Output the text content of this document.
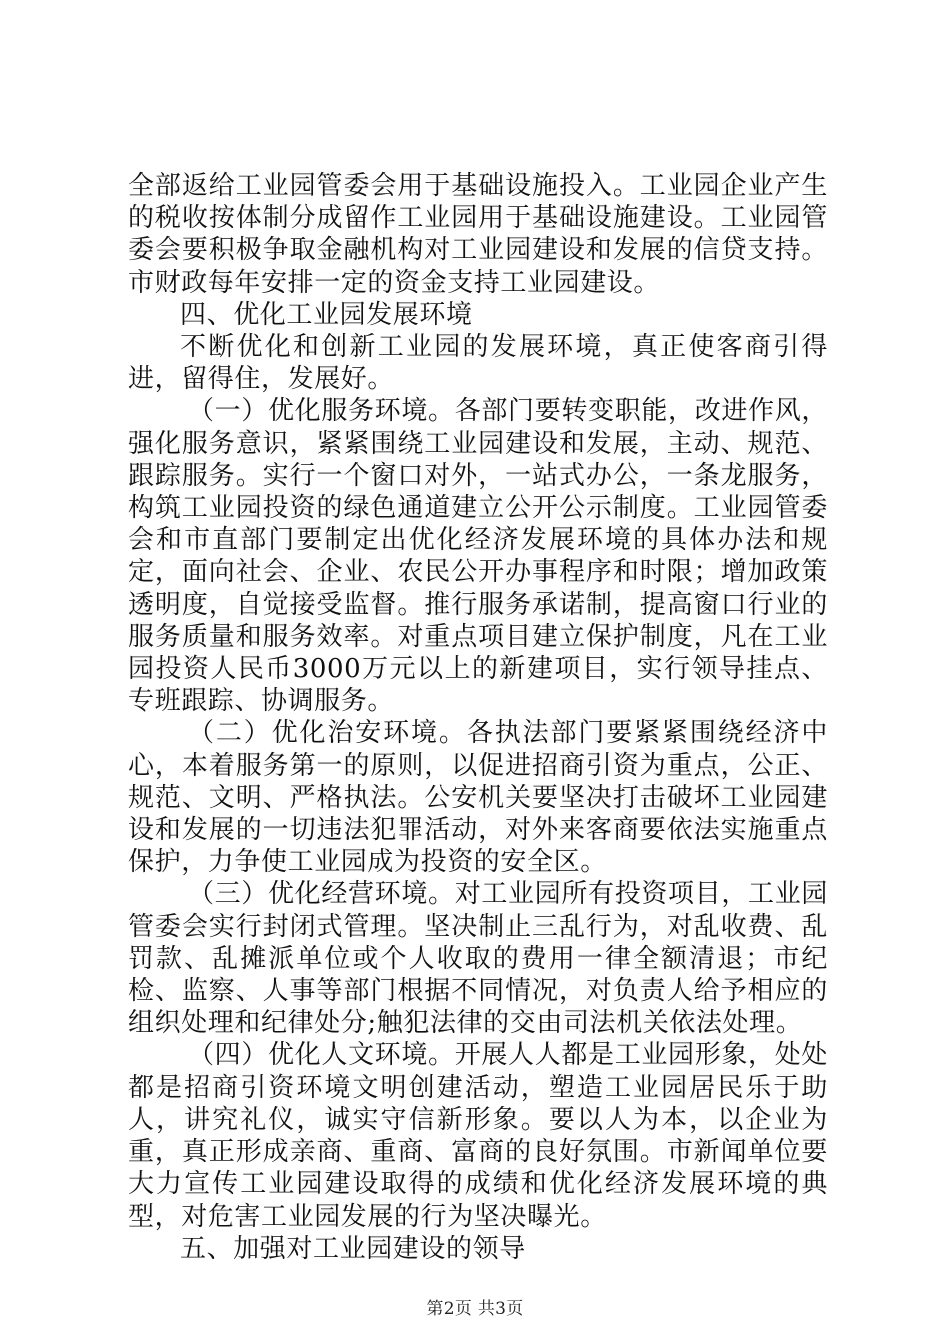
全部返给工业园管委会用于基础设施投入。工业园企业产生的税收按体制分成留作工业园用于基础设施建设。工业园管委会要积极争取金融机构对工业园建设和发展的信贷支持。市财政每年安排一定的资金支持工业园建设。

四、优化工业园发展环境

不断优化和创新工业园的发展环境，真正使客商引得进，留得住，发展好。

（一）优化服务环境。各部门要转变职能，改进作风，强化服务意识，紧紧围绕工业园建设和发展，主动、规范、跟踪服务。实行一个窗口对外，一站式办公，一条龙服务，构筑工业园投资的绿色通道建立公开公示制度。工业园管委会和市直部门要制定出优化经济发展环境的具体办法和规定，面向社会、企业、农民公开办事程序和时限；增加政策透明度，自觉接受监督。推行服务承诺制，提高窗口行业的服务质量和服务效率。对重点项目建立保护制度，凡在工业园投资人民币3000万元以上的新建项目，实行领导挂点、专班跟踪、协调服务。

（二）优化治安环境。各执法部门要紧紧围绕经济中心，本着服务第一的原则，以促进招商引资为重点，公正、规范、文明、严格执法。公安机关要坚决打击破坏工业园建设和发展的一切违法犯罪活动，对外来客商要依法实施重点保护，力争使工业园成为投资的安全区。

（三）优化经营环境。对工业园所有投资项目，工业园管委会实行封闭式管理。坚决制止三乱行为，对乱收费、乱罚款、乱摊派单位或个人收取的费用一律全额清退；市纪检、监察、人事等部门根据不同情况，对负责人给予相应的组织处理和纪律处分;触犯法律的交由司法机关依法处理。

（四）优化人文环境。开展人人都是工业园形象，处处都是招商引资环境文明创建活动，塑造工业园居民乐于助人，讲究礼仪，诚实守信新形象。要以人为本，以企业为重，真正形成亲商、重商、富商的良好氛围。市新闻单位要大力宣传工业园建设取得的成绩和优化经济发展环境的典型，对危害工业园发展的行为坚决曝光。

五、加强对工业园建设的领导

第2页 共3页
